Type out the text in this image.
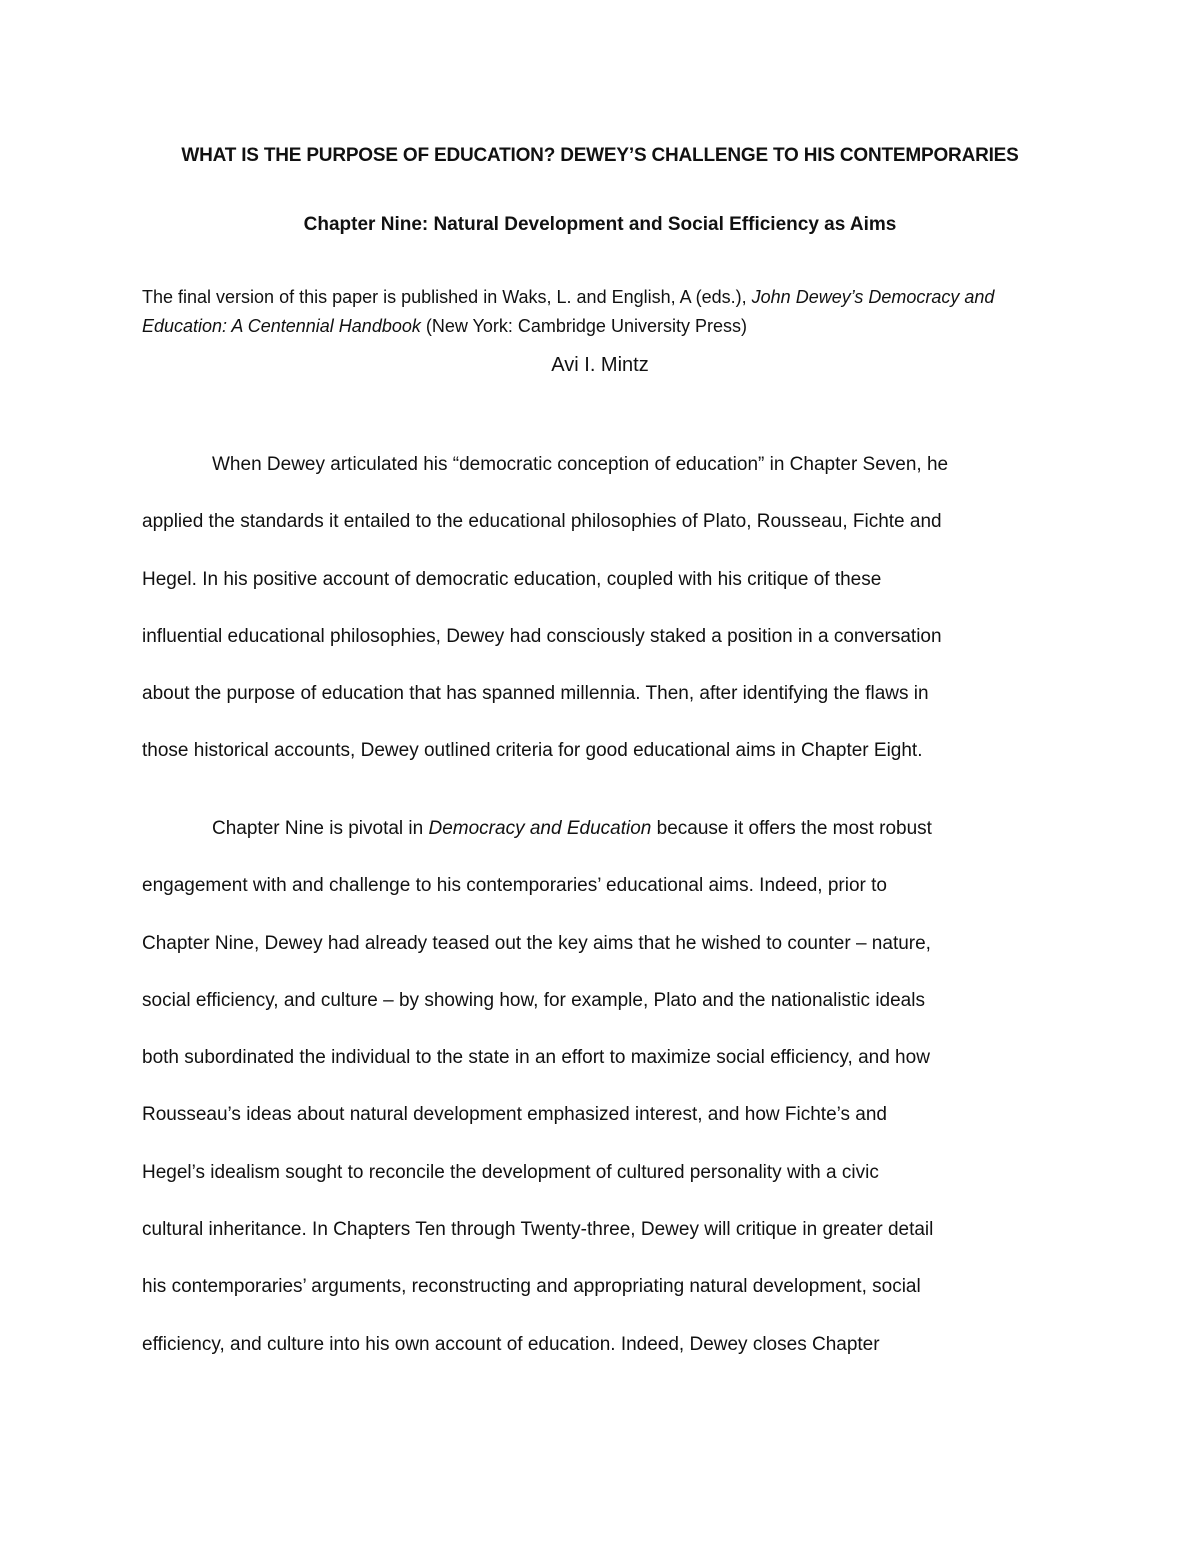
WHAT IS THE PURPOSE OF EDUCATION? DEWEY’S CHALLENGE TO HIS CONTEMPORARIES
Chapter Nine: Natural Development and Social Efficiency as Aims
The final version of this paper is published in Waks, L. and English, A (eds.), John Dewey’s Democracy and Education: A Centennial Handbook (New York: Cambridge University Press)
Avi I. Mintz
When Dewey articulated his “democratic conception of education” in Chapter Seven, he
applied the standards it entailed to the educational philosophies of Plato, Rousseau, Fichte and
Hegel. In his positive account of democratic education, coupled with his critique of these
influential educational philosophies, Dewey had consciously staked a position in a conversation
about the purpose of education that has spanned millennia. Then, after identifying the flaws in
those historical accounts, Dewey outlined criteria for good educational aims in Chapter Eight.
Chapter Nine is pivotal in Democracy and Education because it offers the most robust
engagement with and challenge to his contemporaries’ educational aims. Indeed, prior to
Chapter Nine, Dewey had already teased out the key aims that he wished to counter – nature,
social efficiency, and culture – by showing how, for example, Plato and the nationalistic ideals
both subordinated the individual to the state in an effort to maximize social efficiency, and how
Rousseau’s ideas about natural development emphasized interest, and how Fichte’s and
Hegel’s idealism sought to reconcile the development of cultured personality with a civic
cultural inheritance. In Chapters Ten through Twenty-three, Dewey will critique in greater detail
his contemporaries’ arguments, reconstructing and appropriating natural development, social
efficiency, and culture into his own account of education. Indeed, Dewey closes Chapter
